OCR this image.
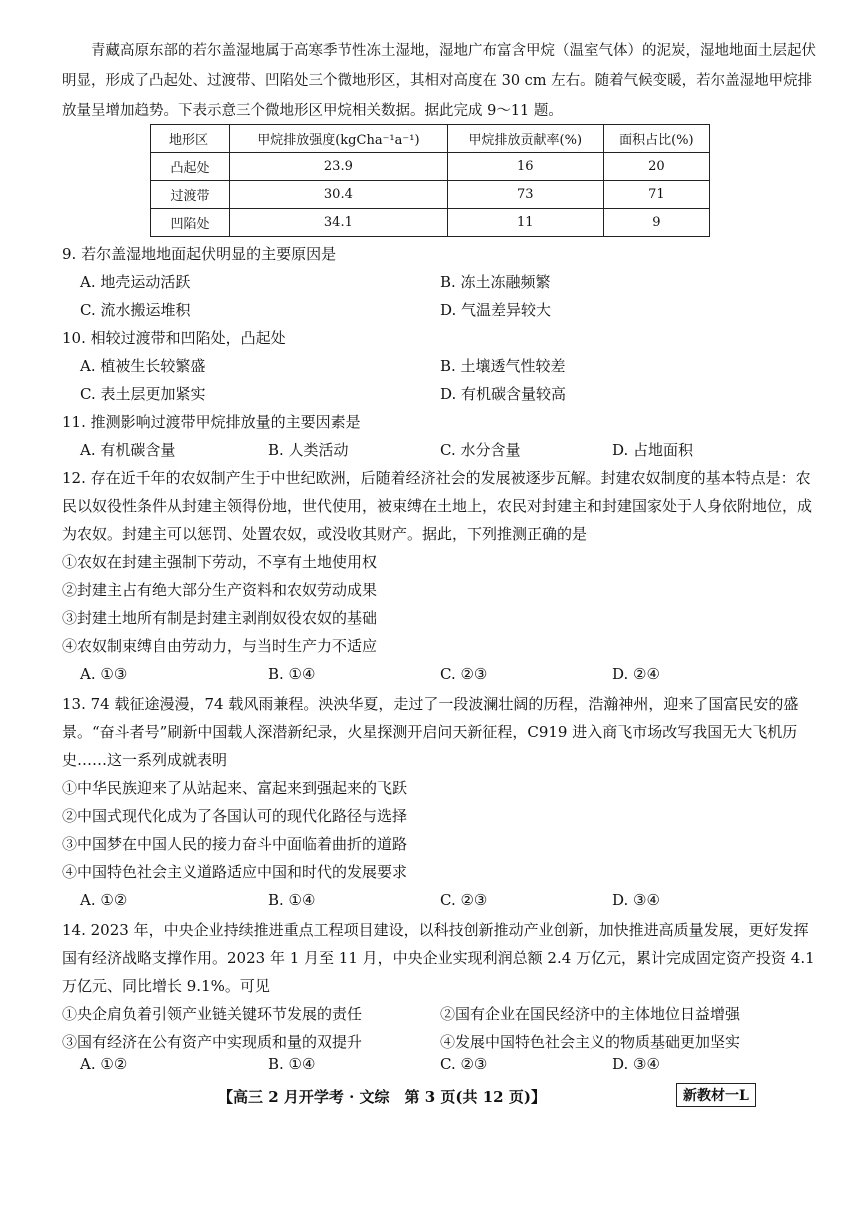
青藏高原东部的若尔盖湿地属于高寒季节性冻土湿地，湿地广布富含甲烷（温室气体）的泥炭，湿地地面土层起伏明显，形成了凸起处、过渡带、凹陷处三个微地形区，其相对高度在 30 cm 左右。随着气候变暖，若尔盖湿地甲烷排放量呈增加趋势。下表示意三个微地形区甲烷相关数据。据此完成 9～11 题。
地形区	甲烷排放强度(kgCha⁻¹a⁻¹)	甲烷排放贡献率(%)	面积占比(%)
凸起处	23.9	16	20
过渡带	30.4	73	71
凹陷处	34.1	11	9
9. 若尔盖湿地地面起伏明显的主要原因是
A. 地壳运动活跃	B. 冻土冻融频繁
C. 流水搬运堆积	D. 气温差异较大
10. 相较过渡带和凹陷处，凸起处
A. 植被生长较繁盛	B. 土壤透气性较差
C. 表土层更加紧实	D. 有机碳含量较高
11. 推测影响过渡带甲烷排放量的主要因素是
A. 有机碳含量	B. 人类活动	C. 水分含量	D. 占地面积
12. 存在近千年的农奴制产生于中世纪欧洲，后随着经济社会的发展被逐步瓦解。封建农奴制度的基本特点是：农民以奴役性条件从封建主领得份地，世代使用，被束缚在土地上，农民对封建主和封建国家处于人身依附地位，成为农奴。封建主可以惩罚、处置农奴，或没收其财产。据此，下列推测正确的是
①农奴在封建主强制下劳动，不享有土地使用权
②封建主占有绝大部分生产资料和农奴劳动成果
③封建土地所有制是封建主剥削奴役农奴的基础
④农奴制束缚自由劳动力，与当时生产力不适应
A. ①③	B. ①④	C. ②③	D. ②④
13. 74 载征途漫漫，74 载风雨兼程。泱泱华夏，走过了一段波澜壮阔的历程，浩瀚神州，迎来了国富民安的盛景。“奋斗者号”刷新中国载人深潜新纪录，火星探测开启问天新征程，C919 进入商飞市场改写我国无大飞机历史……这一系列成就表明
①中华民族迎来了从站起来、富起来到强起来的飞跃
②中国式现代化成为了各国认可的现代化路径与选择
③中国梦在中国人民的接力奋斗中面临着曲折的道路
④中国特色社会主义道路适应中国和时代的发展要求
A. ①②	B. ①④	C. ②③	D. ③④
14. 2023 年，中央企业持续推进重点工程项目建设，以科技创新推动产业创新，加快推进高质量发展，更好发挥国有经济战略支撑作用。2023 年 1 月至 11 月，中央企业实现利润总额 2.4 万亿元，累计完成固定资产投资 4.1 万亿元、同比增长 9.1%。可见
①央企肩负着引领产业链关键环节发展的责任	②国有企业在国民经济中的主体地位日益增强
③国有经济在公有资产中实现质和量的双提升	④发展中国特色社会主义的物质基础更加坚实
A. ①②	B. ①④	C. ②③	D. ③④
【高三 2 月开学考 · 文综　第 3 页(共 12 页)】	新教材一L
